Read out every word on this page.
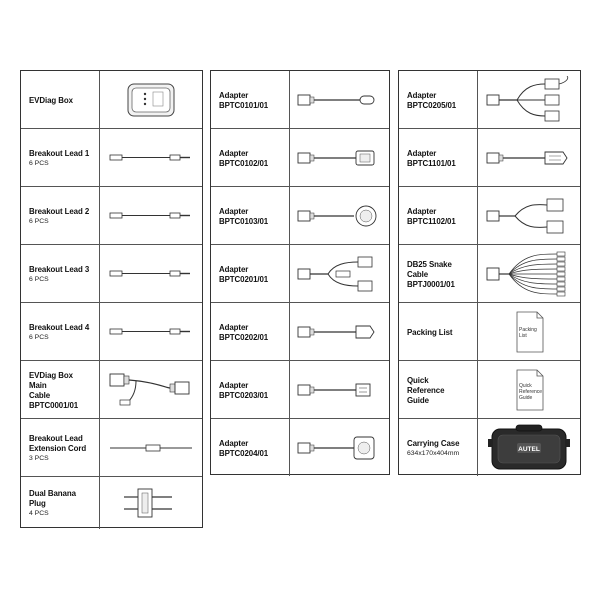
EVDiag Box
Breakout Lead 1
6 PCS
Breakout Lead 2
6 PCS
Breakout Lead 3
6 PCS
Breakout Lead 4
6 PCS
EVDiag Box Main
Cable
BPTC0001/01
Breakout Lead
Extension Cord
3 PCS
Dual Banana Plug
4 PCS
Adapter
BPTC0101/01
Adapter
BPTC0102/01
Adapter
BPTC0103/01
Adapter
BPTC0201/01
Adapter
BPTC0202/01
Adapter
BPTC0203/01
Adapter
BPTC0204/01
Adapter
BPTC0205/01
Adapter
BPTC1101/01
Adapter
BPTC1102/01
DB25 Snake
Cable
BPTJ0001/01
Packing List	Packing
List
Quick Reference
Guide
Quick
Reference
Guide
Carrying Case
634x170x404mm
AUTEL
